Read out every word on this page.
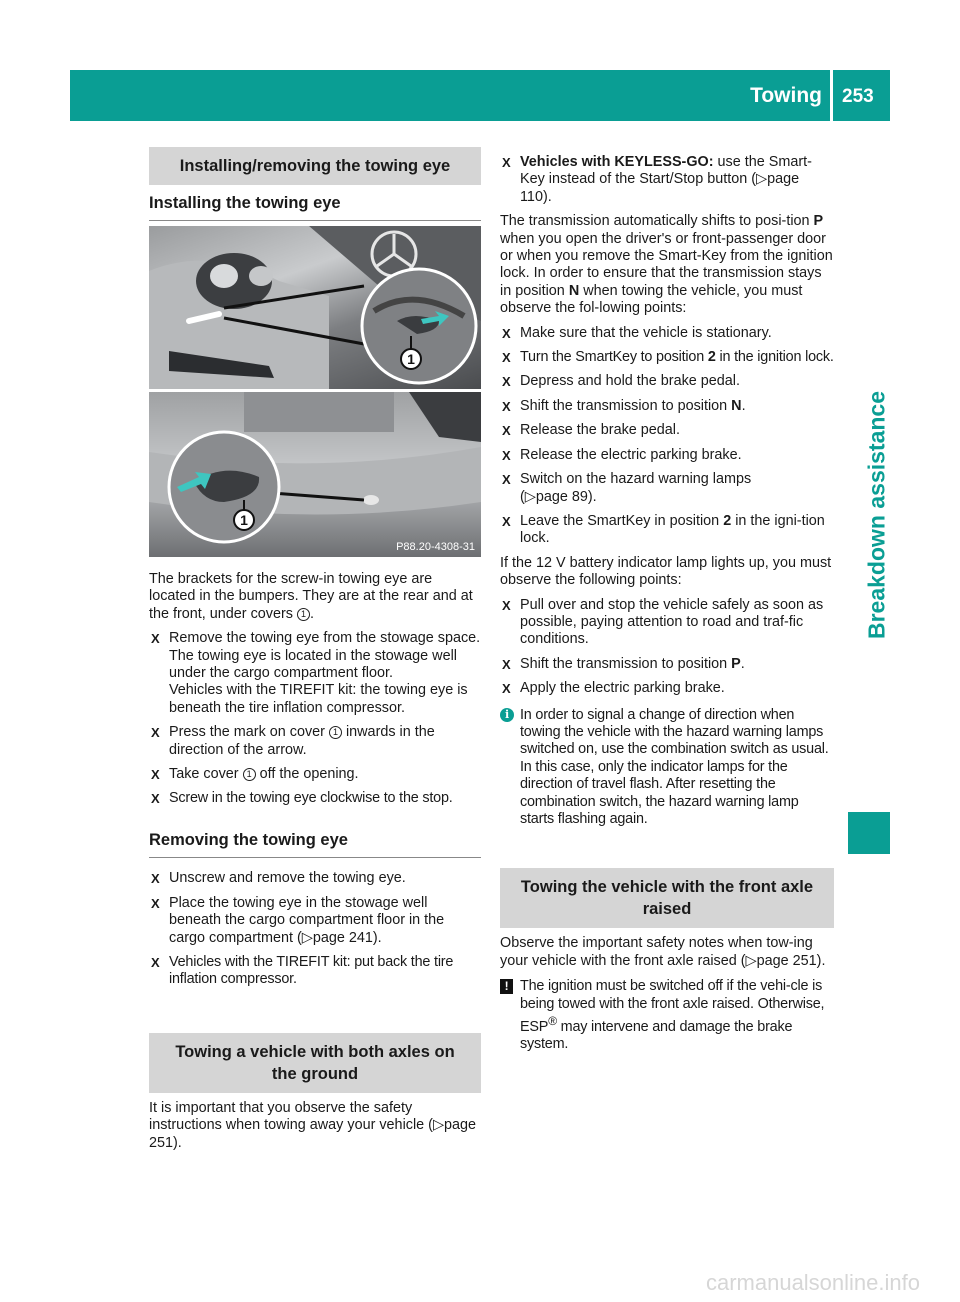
Towing 253
Breakdown assistance
Installing/removing the towing eye
Installing the towing eye
1
1
P88.20-4308-31

The brackets for the screw-in towing eye are located in the bumpers. They are at the rear and at the front, under covers 1 .

X Remove the towing eye from the stowage space.

The towing eye is located in the stowage well under the cargo compartment floor.

Vehicles with the TIREFIT kit: the towing eye is beneath the tire inflation compressor.

X Press the mark on cover 1 inwards in the direction of the arrow.

X Take cover 1 off the opening.

X Screw in the towing eye clockwise to the stop.

Removing the towing eye

X Unscrew and remove the towing eye.

X Place the towing eye in the stowage well beneath the cargo compartment floor in the cargo compartment (▷ page 241 ).

X Vehicles with the TIREFIT kit: put back the tire inflation compressor.

Towing a vehicle with both axles on the ground

It is important that you observe the safety instructions when towing away your vehicle (▷ page 251 ).

X Vehicles with KEYLESS-GO: use the Smart-Key instead of the Start/Stop button (▷ page 110 ).

The transmission automatically shifts to posi-tion P when you open the driver's or front-passenger door or when you remove the Smart-Key from the ignition lock. In order to ensure that the transmission stays in position N when towing the vehicle, you must observe the fol-lowing points:

X Make sure that the vehicle is stationary.

X Turn the SmartKey to position 2 in the ignition lock.

X Depress and hold the brake pedal.

X Shift the transmission to position N.

X Release the brake pedal.

X Release the electric parking brake.

X Switch on the hazard warning lamps
(▷ page 89 ).

X Leave the SmartKey in position 2 in the igni-tion lock.

If the 12 V battery indicator lamp lights up, you must observe the following points:

X Pull over and stop the vehicle safely as soon as possible, paying attention to road and traf-fic conditions.

X Shift the transmission to position P.

X Apply the electric parking brake.

i In order to signal a change of direction when towing the vehicle with the hazard warning lamps switched on, use the combination switch as usual. In this case, only the indicator lamps for the direction of travel flash. After resetting the combination switch, the hazard warning lamp starts flashing again.

Towing the vehicle with the front axle raised

Observe the important safety notes when tow-ing your vehicle with the front axle raised (▷ page 251 ).

! The ignition must be switched off if the vehi-cle is being towed with the front axle raised. Otherwise, ESP® may intervene and damage the brake system.

carmanualsonline.info
